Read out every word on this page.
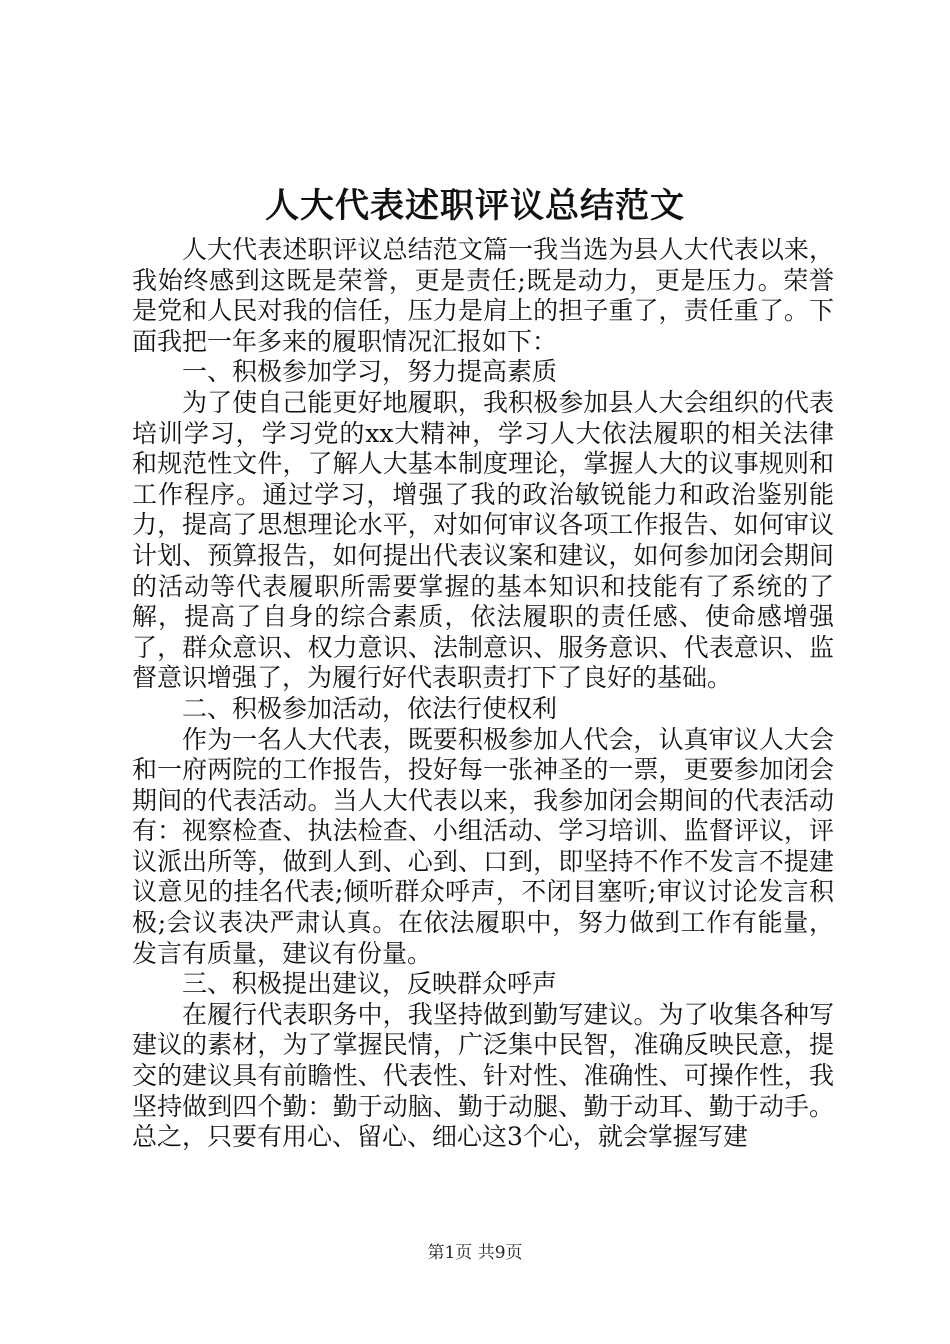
人大代表述职评议总结范文

人大代表述职评议总结范文篇一我当选为县人大代表以来，我始终感到这既是荣誉，更是责任;既是动力，更是压力。荣誉是党和人民对我的信任，压力是肩上的担子重了，责任重了。下面我把一年多来的履职情况汇报如下：

一、积极参加学习，努力提高素质

为了使自己能更好地履职，我积极参加县人大会组织的代表培训学习，学习党的xx大精神，学习人大依法履职的相关法律和规范性文件，了解人大基本制度理论，掌握人大的议事规则和工作程序。通过学习，增强了我的政治敏锐能力和政治鉴别能力，提高了思想理论水平，对如何审议各项工作报告、如何审议计划、预算报告，如何提出代表议案和建议，如何参加闭会期间的活动等代表履职所需要掌握的基本知识和技能有了系统的了解，提高了自身的综合素质，依法履职的责任感、使命感增强了，群众意识、权力意识、法制意识、服务意识、代表意识、监督意识增强了，为履行好代表职责打下了良好的基础。

二、积极参加活动，依法行使权利

作为一名人大代表，既要积极参加人代会，认真审议人大会和一府两院的工作报告，投好每一张神圣的一票，更要参加闭会期间的代表活动。当人大代表以来，我参加闭会期间的代表活动有：视察检查、执法检查、小组活动、学习培训、监督评议，评议派出所等，做到人到、心到、口到，即坚持不作不发言不提建议意见的挂名代表;倾听群众呼声，不闭目塞听;审议讨论发言积极;会议表决严肃认真。在依法履职中，努力做到工作有能量，发言有质量，建议有份量。

三、积极提出建议，反映群众呼声

在履行代表职务中，我坚持做到勤写建议。为了收集各种写建议的素材，为了掌握民情，广泛集中民智，准确反映民意，提交的建议具有前瞻性、代表性、针对性、准确性、可操作性，我坚持做到四个勤：勤于动脑、勤于动腿、勤于动耳、勤于动手。总之，只要有用心、留心、细心这3个心，就会掌握写建

第1页 共9页
